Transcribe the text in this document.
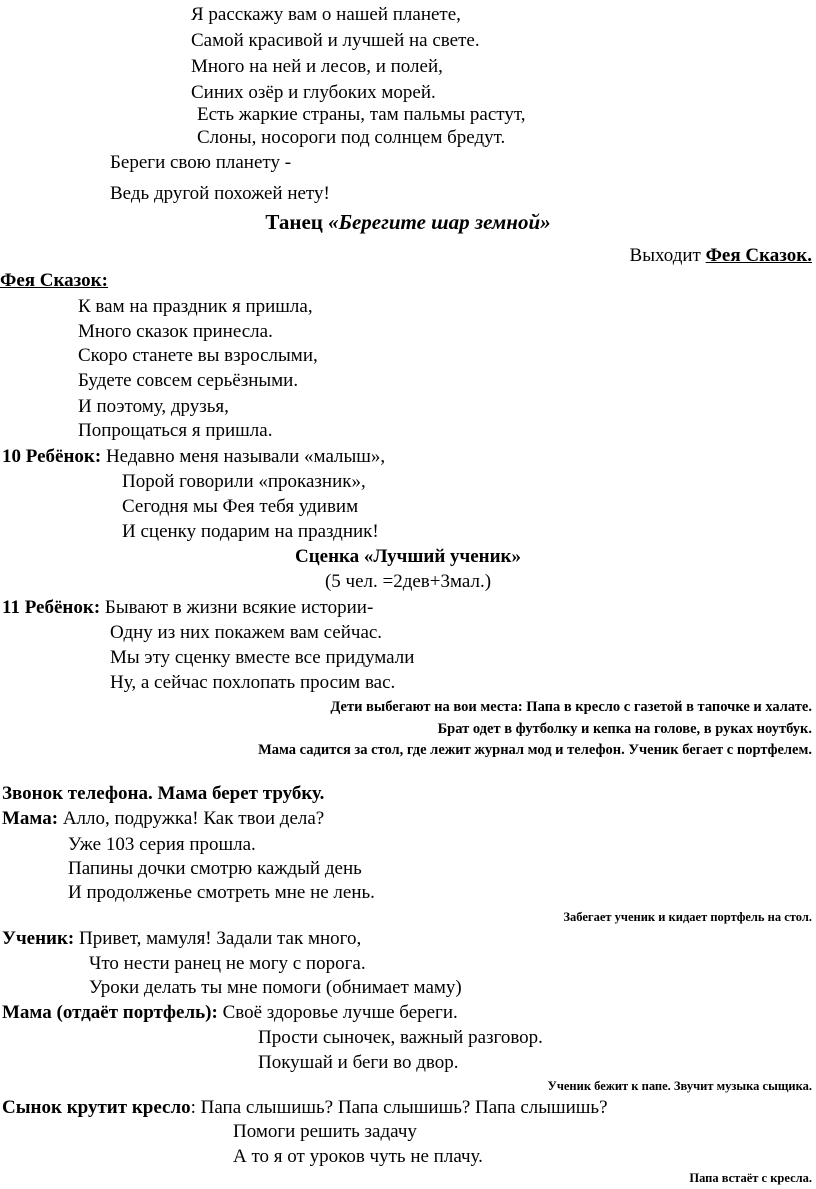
Я расскажу вам о нашей планете,
Самой красивой и лучшей на свете.
Много на ней и лесов, и полей,
Синих озёр и глубоких морей.
Есть жаркие страны, там пальмы растут,
Слоны, носороги под солнцем бредут.
Береги свою планету -
Ведь другой похожей нету!
Танец «Берегите шар земной»
Выходит Фея Сказок.
Фея Сказок:
К вам на праздник я пришла,
Много сказок принесла.
Скоро станете вы взрослыми,
Будете совсем серьёзными.
И поэтому, друзья,
Попрощаться я пришла.
10 Ребёнок: Недавно меня называли «малыш»,
Порой говорили «проказник»,
Сегодня мы Фея тебя удивим
И сценку подарим на праздник!
Сценка «Лучший ученик»
(5 чел. =2дев+3мал.)
11 Ребёнок: Бывают в жизни всякие истории-
Одну из них покажем вам сейчас.
Мы эту сценку вместе все придумали
Ну, а сейчас похлопать просим вас.
Дети выбегают на вои места: Папа в кресло с газетой в тапочке и халате.
Брат одет в футболку и кепка на голове, в руках ноутбук.
Мама садится за стол, где лежит журнал мод и телефон. Ученик бегает с портфелем.
Звонок телефона. Мама берет трубку.
Мама: Алло, подружка! Как твои дела?
Уже 103 серия прошла.
Папины дочки смотрю каждый день
И продолженье смотреть мне не лень.
Забегает ученик и кидает портфель на стол.
Ученик: Привет, мамуля! Задали так много,
Что нести ранец не могу с порога.
Уроки делать ты мне помоги (обнимает маму)
Мама (отдаёт портфель): Своё здоровье лучше береги.
Прости сыночек, важный разговор.
Покушай и беги во двор.
Ученик бежит к папе. Звучит музыка сыщика.
Сынок крутит кресло: Папа слышишь? Папа слышишь? Папа слышишь?
Помоги решить задачу
А то я от уроков чуть не плачу.
Папа встаёт с кресла.
